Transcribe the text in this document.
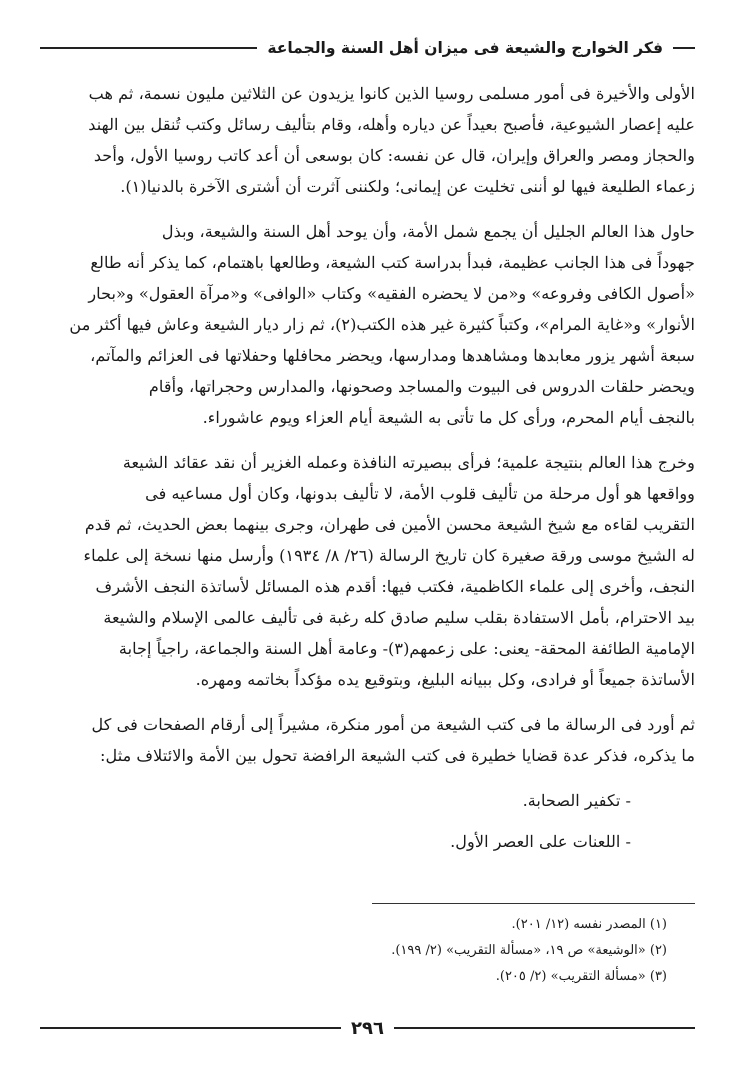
فكر الخوارج والشيعة فى ميزان أهل السنة والجماعة

الأولى والأخيرة فى أمور مسلمى روسيا الذين كانوا يزيدون عن الثلاثين مليون نسمة، ثم هب
عليه إعصار الشيوعية، فأصبح بعيداً عن دياره وأهله، وقام بتأليف رسائل وكتب تُنقل بين الهند
والحجاز ومصر والعراق وإيران، قال عن نفسه: كان بوسعى أن أعد كاتب روسيا الأول، وأحد
زعماء الطليعة فيها لو أننى تخليت عن إيمانى؛ ولكننى آثرت أن أشترى الآخرة بالدنيا(١).

حاول هذا العالم الجليل أن يجمع شمل الأمة، وأن يوحد أهل السنة والشيعة، وبذل
جهوداً فى هذا الجانب عظيمة، فبدأ بدراسة كتب الشيعة، وطالعها باهتمام، كما يذكر أنه طالع
«أصول الكافى وفروعه» و«من لا يحضره الفقيه» وكتاب «الوافى» و«مرآة العقول» و«بحار
الأنوار» و«غاية المرام»، وكتباً كثيرة غير هذه الكتب(٢)، ثم زار ديار الشيعة وعاش فيها أكثر من
سبعة أشهر يزور معابدها ومشاهدها ومدارسها، ويحضر محافلها وحفلاتها فى العزائم والمآتم،
ويحضر حلقات الدروس فى البيوت والمساجد وصحونها، والمدارس وحجراتها، وأقام
بالنجف أيام المحرم، ورأى كل ما تأتى به الشيعة أيام العزاء ويوم عاشوراء.

وخرج هذا العالم بنتيجة علمية؛ فرأى ببصيرته النافذة وعمله الغزير أن نقد عقائد الشيعة
وواقعها هو أول مرحلة من تأليف قلوب الأمة، لا تأليف بدونها، وكان أول مساعيه فى
التقريب لقاءه مع شيخ الشيعة محسن الأمين فى طهران، وجرى بينهما بعض الحديث، ثم قدم
له الشيخ موسى ورقة صغيرة كان تاريخ الرسالة (٢٦/ ٨/ ١٩٣٤) وأرسل منها نسخة إلى علماء
النجف، وأخرى إلى علماء الكاظمية، فكتب فيها: أقدم هذه المسائل لأساتذة النجف الأشرف
بيد الاحترام، بأمل الاستفادة بقلب سليم صادق كله رغبة فى تأليف عالمى الإسلام والشيعة
الإمامية الطائفة المحقة- يعنى: على زعمهم(٣)- وعامة أهل السنة والجماعة، راجياً إجابة
الأساتذة جميعاً أو فرادى، وكل ببيانه البليغ، وبتوقيع يده مؤكداً بخاتمه ومهره.

ثم أورد فى الرسالة ما فى كتب الشيعة من أمور منكرة، مشيراً إلى أرقام الصفحات فى كل
ما يذكره، فذكر عدة قضايا خطيرة فى كتب الشيعة الرافضة تحول بين الأمة والائتلاف مثل:

- تكفير الصحابة.
- اللعنات على العصر الأول.
(١) المصدر نفسه (١٢/ ٢٠١).
(٢) «الوشيعة» ص ١٩، «مسألة التقريب» (٢/ ١٩٩).
(٣) «مسألة التقريب» (٢/ ٢٠٥).
٢٩٦
